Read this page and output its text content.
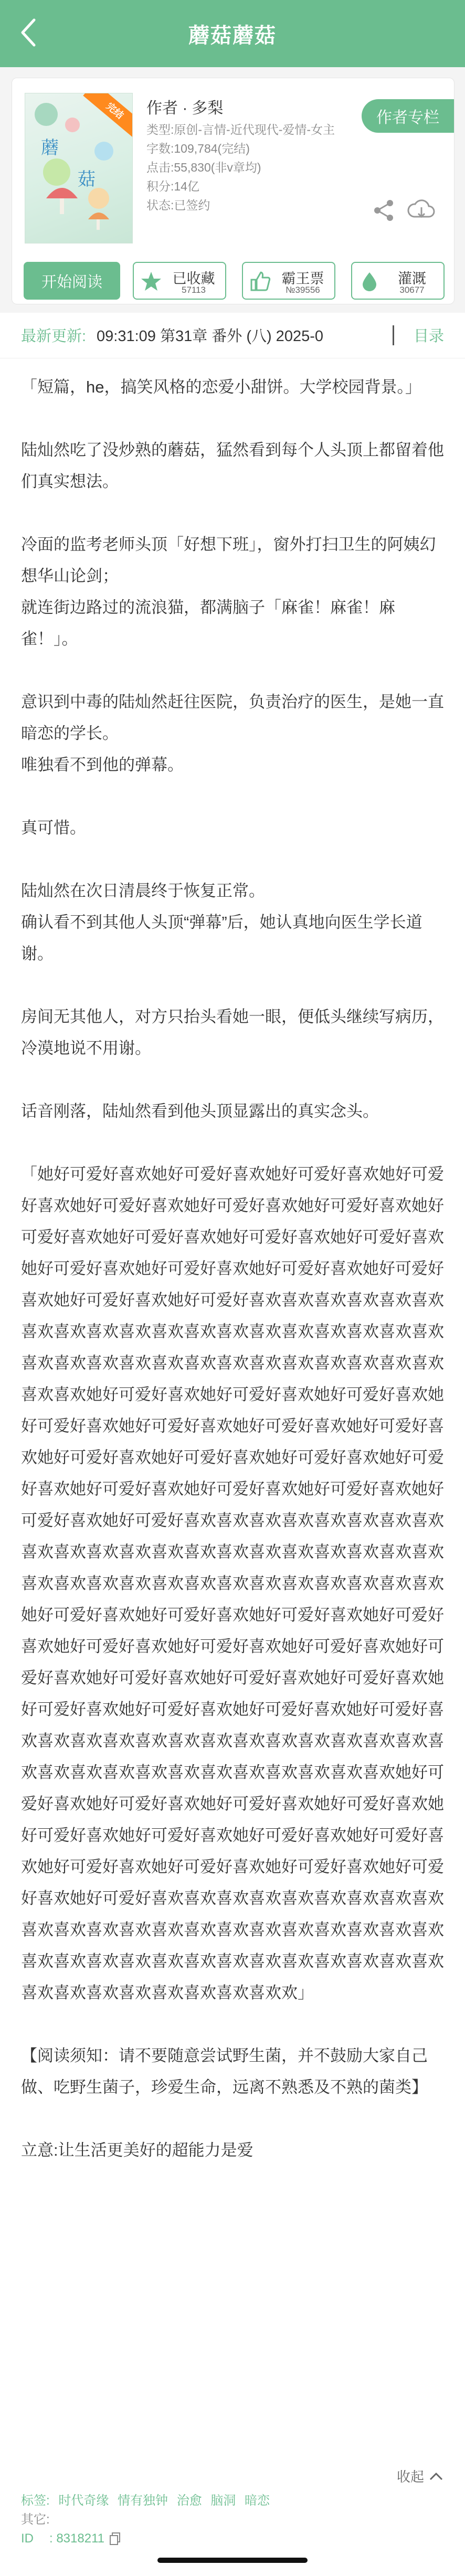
蘑菇蘑菇
蘑
菇
完结	作者 · 多梨
类型:原创-言情-近代现代-爱情-女主
字数:109,784(完结)
点击:55,830(非v章均)
积分:14亿
状态:已签约
作者专栏
开始阅读	已收藏
57113
霸王票
№39556
灌溉
30677
最新更新: 09:31:09 第31章 番外 (八) 2025-0	目录

「短篇，he，搞笑风格的恋爱小甜饼。大学校园背景。」

陆灿然吃了没炒熟的蘑菇，猛然看到每个人头顶上都留着他们真实想法。

冷面的监考老师头顶「好想下班」，窗外打扫卫生的阿姨幻想华山论剑；

就连街边路过的流浪猫，都满脑子「麻雀！麻雀！麻雀！」。

意识到中毒的陆灿然赶往医院，负责治疗的医生，是她一直暗恋的学长。

唯独看不到他的弹幕。

真可惜。

陆灿然在次日清晨终于恢复正常。

确认看不到其他人头顶“弹幕”后，她认真地向医生学长道谢。

房间无其他人，对方只抬头看她一眼，便低头继续写病历，冷漠地说不用谢。

话音刚落，陆灿然看到他头顶显露出的真实念头。

「她好可爱好喜欢她好可爱好喜欢她好可爱好喜欢她好可爱好喜欢她好可爱好喜欢她好可爱好喜欢她好可爱好喜欢她好可爱好喜欢她好可爱好喜欢她好可爱好喜欢她好可爱好喜欢她好可爱好喜欢她好可爱好喜欢她好可爱好喜欢她好可爱好喜欢她好可爱好喜欢她好可爱好喜欢喜欢喜欢喜欢喜欢喜欢喜欢喜欢喜欢喜欢喜欢喜欢喜欢喜欢喜欢喜欢喜欢喜欢喜欢喜欢喜欢喜欢喜欢喜欢喜欢喜欢喜欢喜欢喜欢喜欢喜欢喜欢喜欢喜欢她好可爱好喜欢她好可爱好喜欢她好可爱好喜欢她好可爱好喜欢她好可爱好喜欢她好可爱好喜欢她好可爱好喜欢她好可爱好喜欢她好可爱好喜欢她好可爱好喜欢她好可爱好喜欢她好可爱好喜欢她好可爱好喜欢她好可爱好喜欢她好可爱好喜欢她好可爱好喜欢喜欢喜欢喜欢喜欢喜欢喜欢喜欢喜欢喜欢喜欢喜欢喜欢喜欢喜欢喜欢喜欢喜欢喜欢喜欢喜欢喜欢喜欢喜欢喜欢喜欢喜欢喜欢喜欢喜欢喜欢喜欢喜欢喜欢她好可爱好喜欢她好可爱好喜欢她好可爱好喜欢她好可爱好喜欢她好可爱好喜欢她好可爱好喜欢她好可爱好喜欢她好可爱好喜欢她好可爱好喜欢她好可爱好喜欢她好可爱好喜欢她好可爱好喜欢她好可爱好喜欢她好可爱好喜欢她好可爱好喜欢喜欢喜欢喜欢喜欢喜欢喜欢喜欢喜欢喜欢喜欢喜欢喜欢喜欢喜欢喜欢喜欢喜欢喜欢喜欢喜欢喜欢喜欢喜欢喜欢她好可爱好喜欢她好可爱好喜欢她好可爱好喜欢她好可爱好喜欢她好可爱好喜欢她好可爱好喜欢她好可爱好喜欢她好可爱好喜欢她好可爱好喜欢她好可爱好喜欢她好可爱好喜欢她好可爱好喜欢她好可爱好喜欢喜欢喜欢喜欢喜欢喜欢喜欢喜欢喜欢喜欢喜欢喜欢喜欢喜欢喜欢喜欢喜欢喜欢喜欢喜欢喜欢喜欢喜欢喜欢喜欢喜欢喜欢喜欢喜欢喜欢喜欢喜欢喜欢喜欢喜欢喜欢喜欢喜欢喜欢喜欢喜欢喜欢喜欢欢」

【阅读须知：请不要随意尝试野生菌，并不鼓励大家自己做、吃野生菌子，珍爱生命，远离不熟悉及不熟的菌类】

立意:让生活更美好的超能力是爱

收起
标签: 时代奇缘 情有独钟 治愈 脑洞 暗恋
其它:
ID : 8318211
